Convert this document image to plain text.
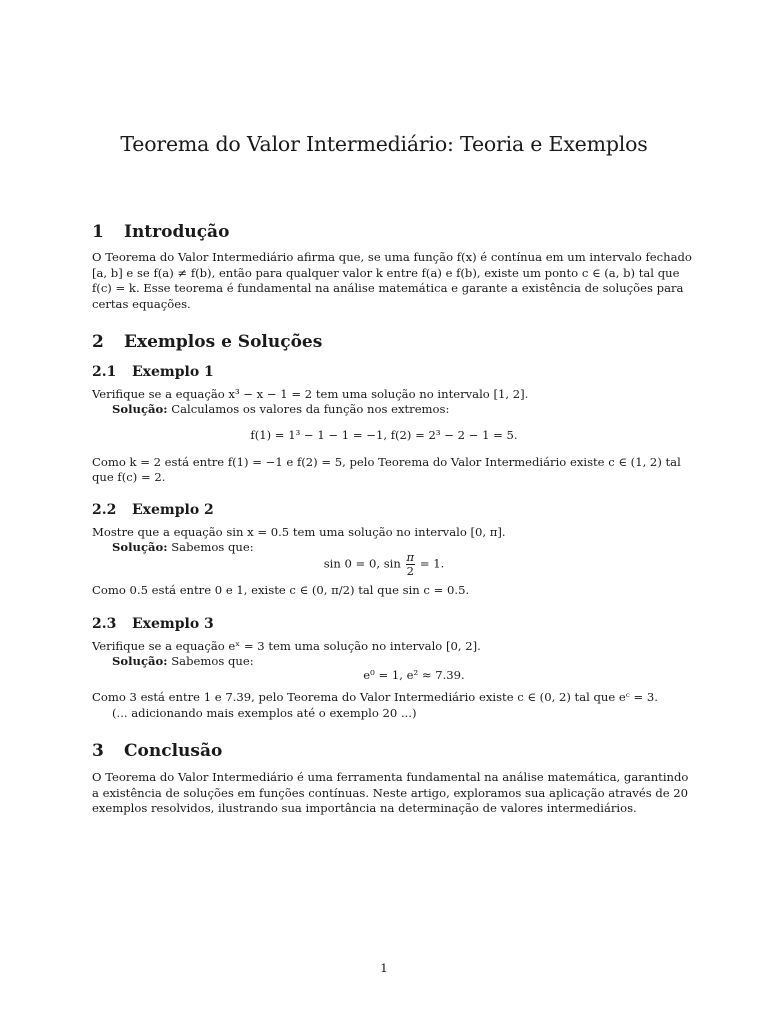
Teorema do Valor Intermediário: Teoria e Exemplos
1 Introdução
O Teorema do Valor Intermediário afirma que, se uma função f(x) é contínua em um intervalo fechado
[a, b] e se f(a) ≠ f(b), então para qualquer valor k entre f(a) e f(b), existe um ponto c ∈ (a, b) tal que
f(c) = k. Esse teorema é fundamental na análise matemática e garante a existência de soluções para
certas equações.
2 Exemplos e Soluções
2.1 Exemplo 1
Verifique se a equação x³ − x − 1 = 2 tem uma solução no intervalo [1, 2].
Solução: Calculamos os valores da função nos extremos:
f(1) = 1³ − 1 − 1 = −1, f(2) = 2³ − 2 − 1 = 5.
Como k = 2 está entre f(1) = −1 e f(2) = 5, pelo Teorema do Valor Intermediário existe c ∈ (1, 2) tal
que f(c) = 2.
2.2 Exemplo 2
Mostre que a equação sin x = 0.5 tem uma solução no intervalo [0, π].
Solução: Sabemos que:
sin 0 = 0, $\sin \frac{\pi}{2} = 1$.
Como 0.5 está entre 0 e 1, existe c ∈ (0, π/2) tal que sin c = 0.5.
2.3 Exemplo 3
Verifique se a equação eˣ = 3 tem uma solução no intervalo [0, 2].
Solução: Sabemos que:
e⁰ = 1, e² ≈ 7.39.
Como 3 está entre 1 e 7.39, pelo Teorema do Valor Intermediário existe c ∈ (0, 2) tal que eᶜ = 3.
(... adicionando mais exemplos até o exemplo 20 ...)
3 Conclusão
O Teorema do Valor Intermediário é uma ferramenta fundamental na análise matemática, garantindo
a existência de soluções em funções contínuas. Neste artigo, exploramos sua aplicação através de 20
exemplos resolvidos, ilustrando sua importância na determinação de valores intermediários.
1
